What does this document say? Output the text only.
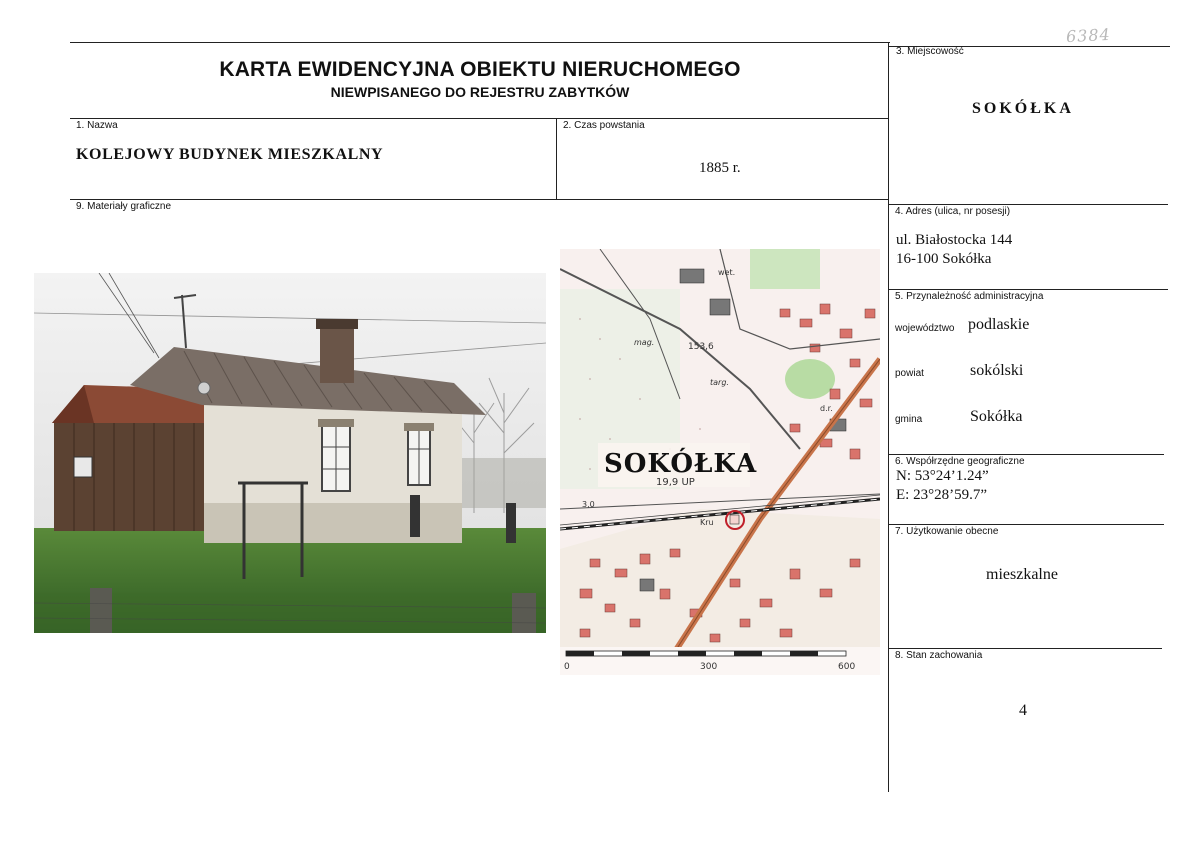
6384
KARTA EWIDENCYJNA OBIEKTU NIERUCHOMEGO
NIEWPISANEGO DO REJESTRU ZABYTKÓW
1. Nazwa
KOLEJOWY BUDYNEK MIESZKALNY
2. Czas powstania
1885 r.
3. Miejscowość
SOKÓŁKA
9. Materiały graficzne	4. Adres (ulica, nr posesji)
ul. Białostocka 144
16-100 Sokółka
5. Przynależność administracyjna
województwo podlaskie
powiat	sokólski
gmina	Sokółka
6. Współrzędne geograficzne
N: 53°24’1.24”
E: 23°28’59.7”
7. Użytkowanie obecne
mieszkalne
8. Stan zachowania
4
SOKÓŁKA
19,9 UP
153,6
wet.
targ.
mag.
d.r.
Kru
3,0
0	300	600
